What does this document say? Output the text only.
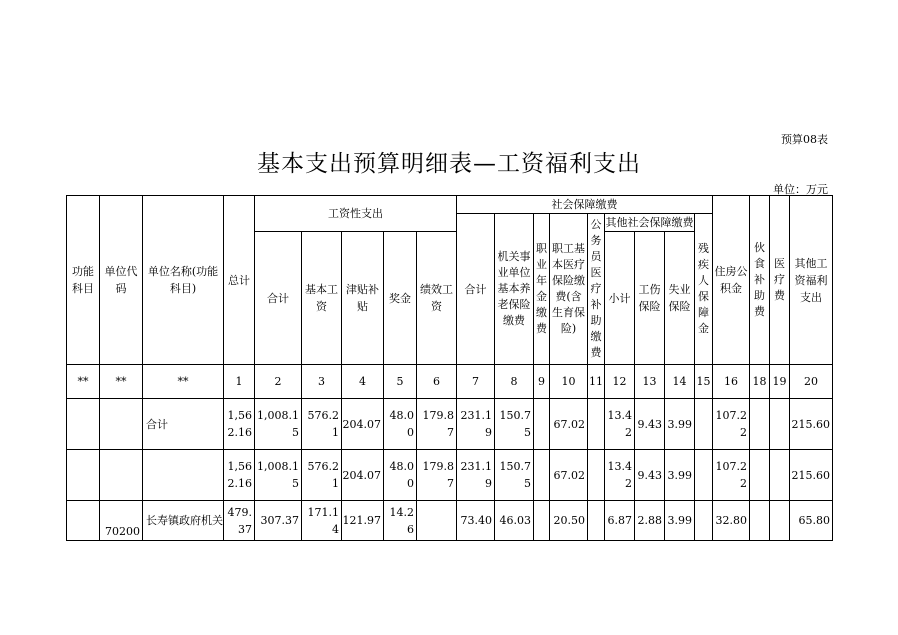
预算08表
基本支出预算明细表—工资福利支出
单位：万元
功能科目	单位代码	单位名称(功能科目)	总计	工资性支出					社会保障缴费									住房公积金	伙食补助费	医疗费	其他工资福利支出
									合计	机关事业单位基本养老保险缴费	职业年金缴费	职工基本医疗保险缴费(含生育保险)	公务员医疗补助缴费	其他社会保障缴费			残疾人保障金				
				合计	基本工资	津贴补贴	奖金	绩效工资						小计	工伤保险	失业保险					
**	**	**	1	2	3	4	5	6	7	8	9	10	11	12	13	14	15	16	18	19	20
		合计	1,562.16	1,008.15	576.21	204.07	48.00	179.87	231.19	150.75		67.02		13.42	9.43	3.99		107.22			215.60
			1,562.16	1,008.15	576.21	204.07	48.00	179.87	231.19	150.75		67.02		13.42	9.43	3.99		107.22			215.60
	70200	长寿镇政府机关	479.37	307.37	171.14	121.97	14.26		73.40	46.03		20.50		6.87	2.88	3.99		32.80			65.80
